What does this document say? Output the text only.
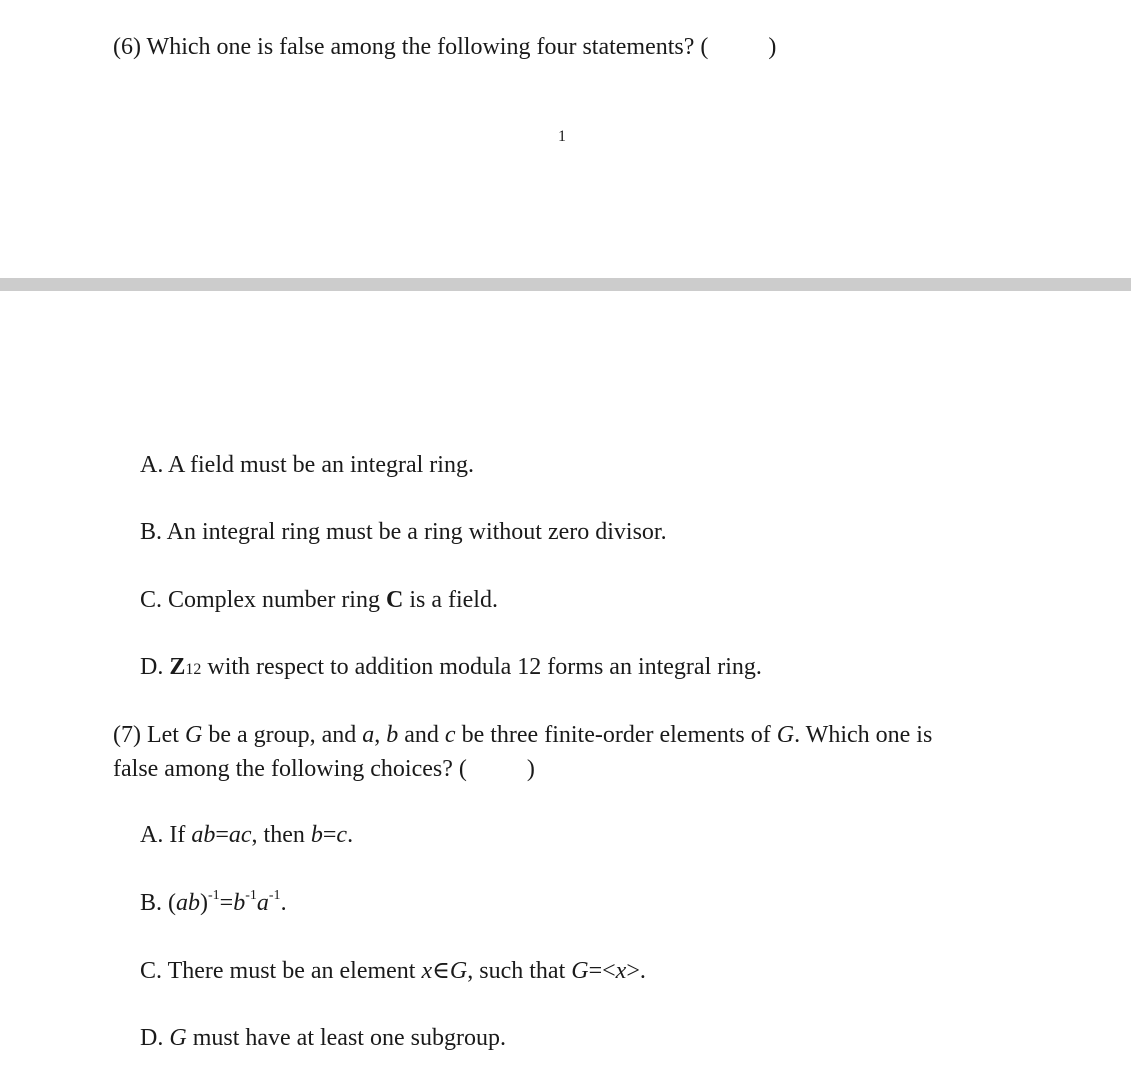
(6) Which one is false among the following four statements? (	)
1
A. A field must be an integral ring.
B. An integral ring must be a ring without zero divisor.
C. Complex number ring C is a field.
D. Z12 with respect to addition modula 12 forms an integral ring.
(7) Let G be a group, and a, b and c be three finite-order elements of G. Which one is
false among the following choices? (	)
A. If ab=ac, then b=c.
B. $(ab)^{-1}=b^{-1}a^{-1}$.
C. There must be an element x∈G, such that G=<x>.
D. G must have at least one subgroup.
